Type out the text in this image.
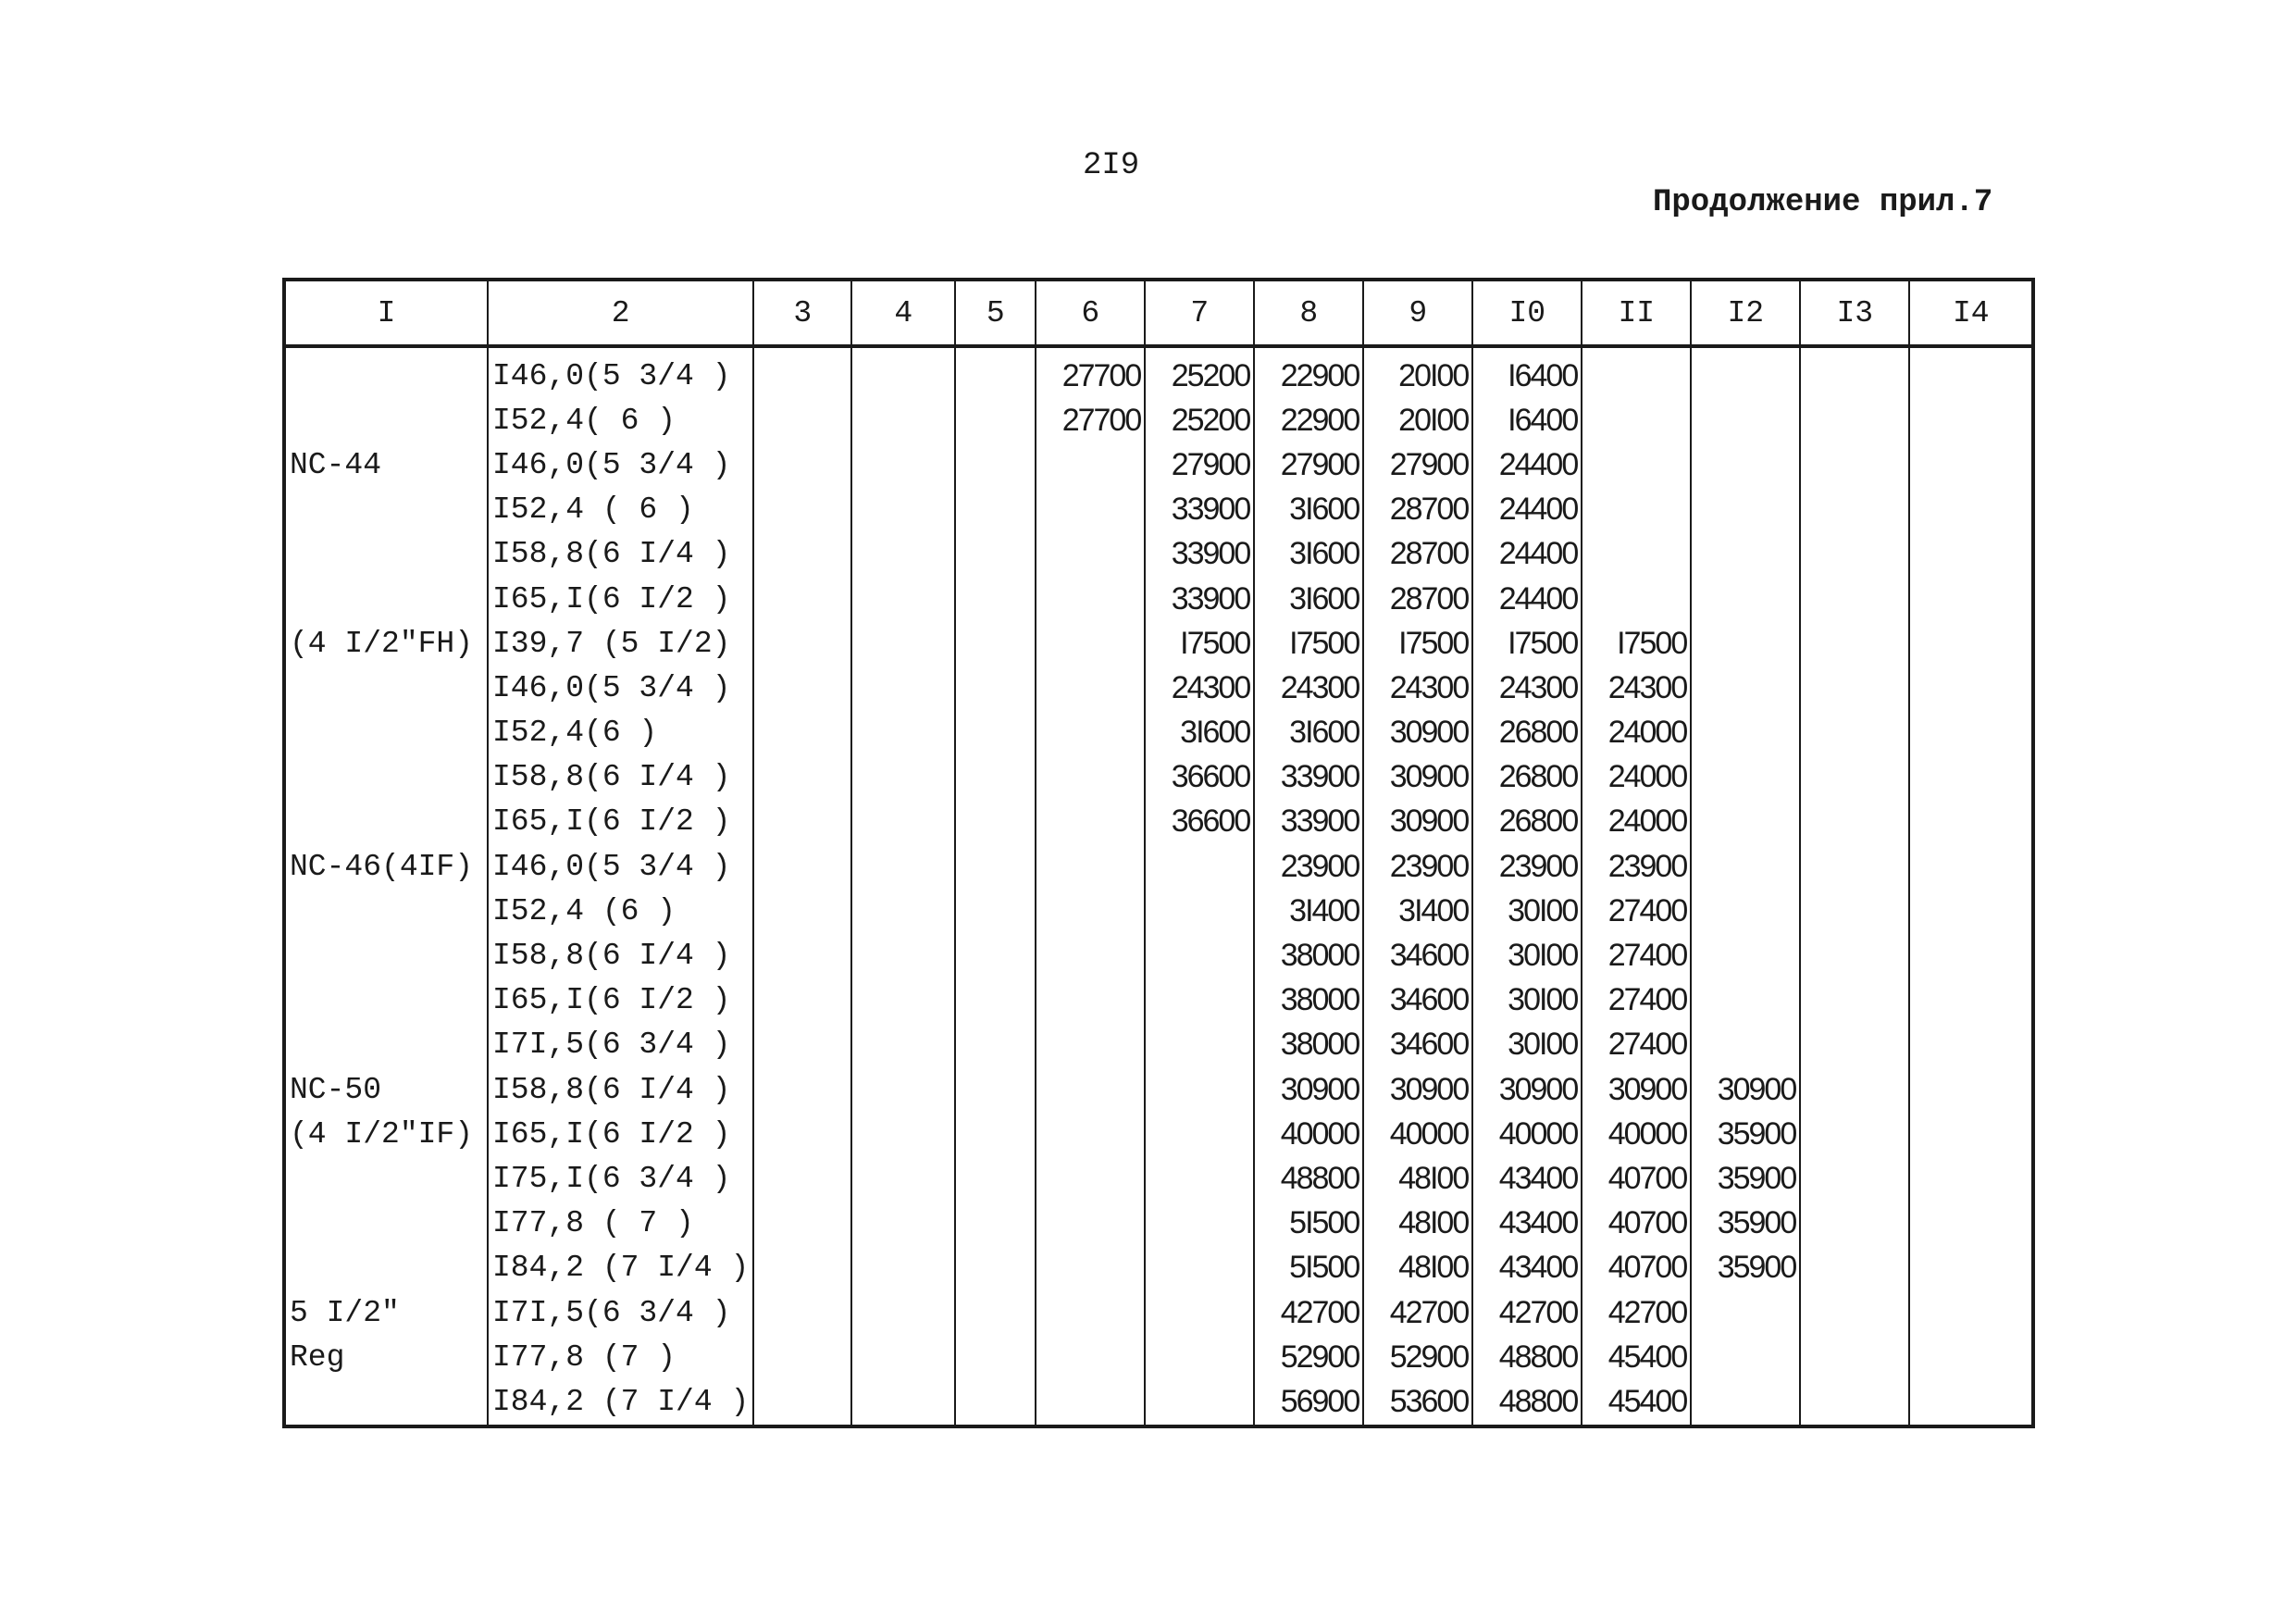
2I9
Продолжение прил.7
I	2	3	4	5	6	7	8	9	I0	II	I2	I3	I4
	I46,0(5 3/4 )				27700	25200	22900	20I00	I6400				
	I52,4( 6 )				27700	25200	22900	20I00	I6400				
NC-44	I46,0(5 3/4 )					27900	27900	27900	24400				
	I52,4 ( 6 )					33900	3I600	28700	24400				
	I58,8(6 I/4 )					33900	3I600	28700	24400				
	I65,I(6 I/2 )					33900	3I600	28700	24400				
(4 I/2"FH)	I39,7 (5 I/2)					I7500	I7500	I7500	I7500	I7500			
	I46,0(5 3/4 )					24300	24300	24300	24300	24300			
	I52,4(6 )					3I600	3I600	30900	26800	24000			
	I58,8(6 I/4 )					36600	33900	30900	26800	24000			
	I65,I(6 I/2 )					36600	33900	30900	26800	24000			
NC-46(4IF)	I46,0(5 3/4 )						23900	23900	23900	23900			
	I52,4 (6 )						3I400	3I400	30I00	27400			
	I58,8(6 I/4 )						38000	34600	30I00	27400			
	I65,I(6 I/2 )						38000	34600	30I00	27400			
	I7I,5(6 3/4 )						38000	34600	30I00	27400			
NC-50	I58,8(6 I/4 )						30900	30900	30900	30900	30900		
(4 I/2"IF)	I65,I(6 I/2 )						40000	40000	40000	40000	35900		
	I75,I(6 3/4 )						48800	48I00	43400	40700	35900		
	I77,8 ( 7 )						5I500	48I00	43400	40700	35900		
	I84,2 (7 I/4 )						5I500	48I00	43400	40700	35900		
5 I/2"	I7I,5(6 3/4 )						42700	42700	42700	42700			
Reg	I77,8 (7 )						52900	52900	48800	45400			
	I84,2 (7 I/4 )						56900	53600	48800	45400			
